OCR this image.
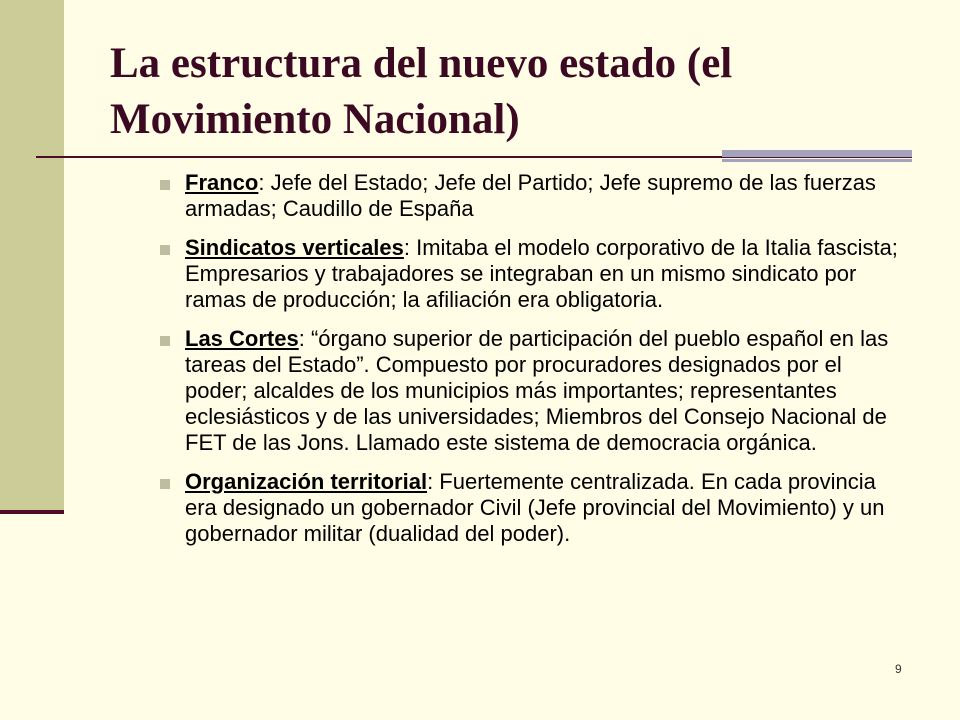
La estructura del nuevo estado (el Movimiento Nacional)
Franco: Jefe del Estado; Jefe del Partido; Jefe supremo de las fuerzas armadas; Caudillo de España
Sindicatos verticales: Imitaba el modelo corporativo de la Italia fascista; Empresarios y trabajadores se integraban en un mismo sindicato por ramas de producción; la afiliación era obligatoria.
Las Cortes: “órgano superior de participación del pueblo español en las tareas del Estado”. Compuesto por procuradores designados por el poder; alcaldes de los municipios más importantes; representantes eclesiásticos y de las universidades; Miembros del Consejo Nacional de FET de las Jons. Llamado este sistema de democracia orgánica.
Organización territorial: Fuertemente centralizada. En cada provincia era designado un gobernador Civil (Jefe provincial del Movimiento) y un gobernador militar (dualidad del poder).
9
